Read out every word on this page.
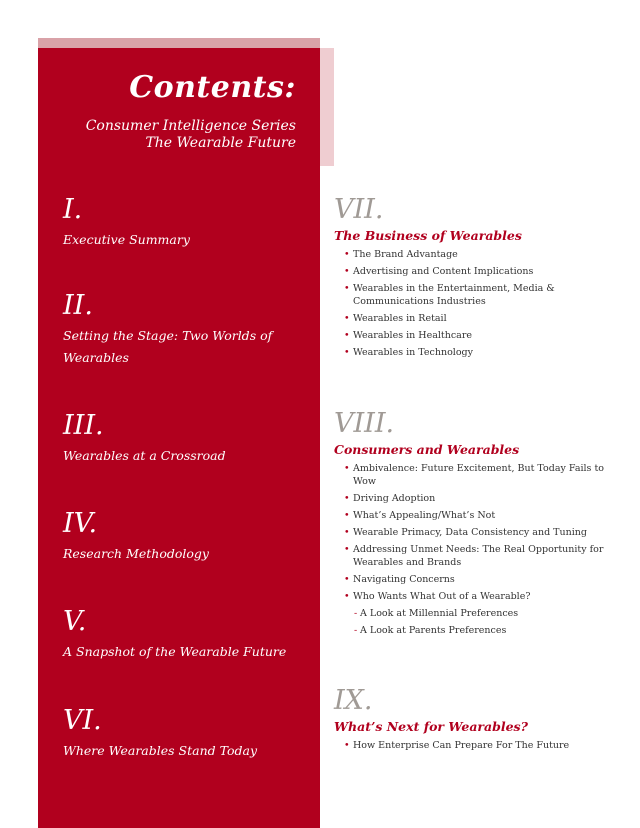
Contents:
Consumer Intelligence Series
The Wearable Future
I.
Executive Summary
II.
Setting the Stage: Two Worlds of Wearables
III.
Wearables at a Crossroad
IV.
Research Methodology
V.
A Snapshot of the Wearable Future
VI.
Where Wearables Stand Today
VII.
The Business of Wearables
• The Brand Advantage
• Advertising and Content Implications
• Wearables in the Entertainment, Media & Communications Industries
• Wearables in Retail
• Wearables in Healthcare
• Wearables in Technology
VIII.
Consumers and Wearables
• Ambivalence: Future Excitement, But Today Fails to Wow
• Driving Adoption
• What’s Appealing/What’s Not
• Wearable Primacy, Data Consistency and Tuning
• Addressing Unmet Needs: The Real Opportunity for Wearables and Brands
• Navigating Concerns
• Who Wants What Out of a Wearable?
- A Look at Millennial Preferences
- A Look at Parents Preferences
IX.
What’s Next for Wearables?
• How Enterprise Can Prepare For The Future
